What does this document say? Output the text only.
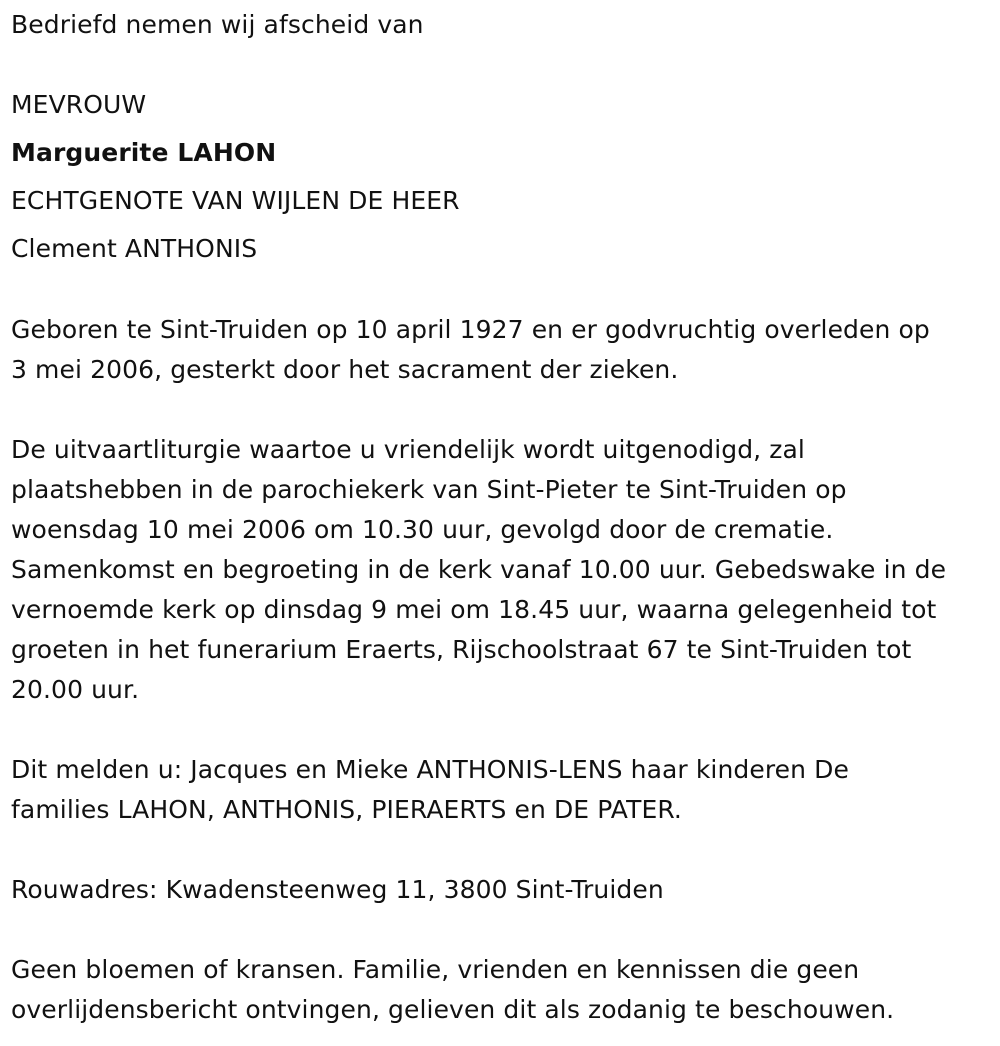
Bedriefd nemen wij afscheid van
MEVROUW
Marguerite LAHON
ECHTGENOTE VAN WIJLEN DE HEER
Clement ANTHONIS
Geboren te Sint-Truiden op 10 april 1927 en er godvruchtig overleden op
3 mei 2006, gesterkt door het sacrament der zieken.
De uitvaartliturgie waartoe u vriendelijk wordt uitgenodigd, zal
plaatshebben in de parochiekerk van Sint-Pieter te Sint-Truiden op
woensdag 10 mei 2006 om 10.30 uur, gevolgd door de crematie.
Samenkomst en begroeting in de kerk vanaf 10.00 uur. Gebedswake in de
vernoemde kerk op dinsdag 9 mei om 18.45 uur, waarna gelegenheid tot
groeten in het funerarium Eraerts, Rijschoolstraat 67 te Sint-Truiden tot
20.00 uur.
Dit melden u: Jacques en Mieke ANTHONIS-LENS haar kinderen De
families LAHON, ANTHONIS, PIERAERTS en DE PATER.
Rouwadres: Kwadensteenweg 11, 3800 Sint-Truiden
Geen bloemen of kransen. Familie, vrienden en kennissen die geen
overlijdensbericht ontvingen, gelieven dit als zodanig te beschouwen.
